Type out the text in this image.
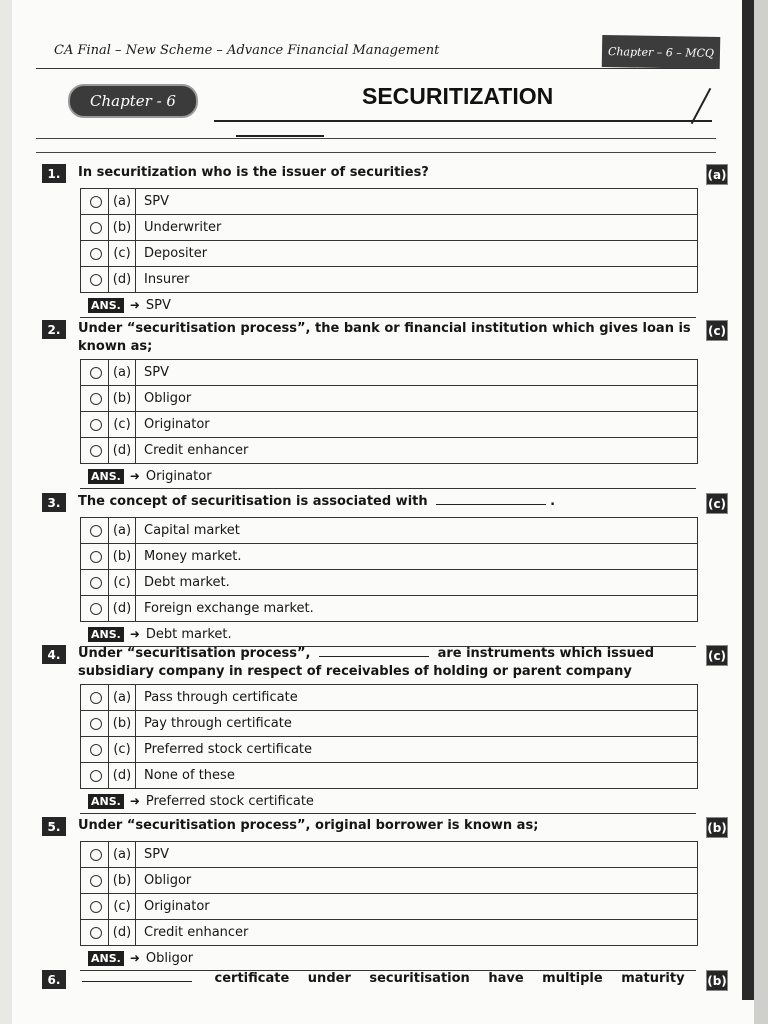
CA Final – New Scheme – Advance Financial Management	Chapter – 6 – MCQ
Chapter - 6	SECURITIZATION
1.	In securitization who is the issuer of securities?	(a)
(a) SPV
(b) Underwriter
(c)	Depositer
(d) Insurer
ANS. ➜ SPV
2.	Under “securitisation process”, the bank or financial institution which gives loan is known as;
(c)
(a) SPV
(b) Obligor
(c)	Originator
(d) Credit enhancer
ANS. ➜ Originator
3.	The concept of securitisation is associated with	.	(c)
(a) Capital market
(b) Money market.
(c)	Debt market.
(d) Foreign exchange market.
ANS. ➜ Debt market.
4.	Under “securitisation process”,	are instruments which issued subsidiary company in respect of receivables of holding or parent company
(c)
(a) Pass through certificate
(b) Pay through certificate
(c)	Preferred stock certificate
(d) None of these
ANS. ➜ Preferred stock certificate
5.	Under “securitisation process”, original borrower is known as;	(b)
(a) SPV
(b) Obligor
(c)	Originator
(d) Credit enhancer
ANS. ➜ Obligor
6.	certificate under securitisation have multiple maturity	(b)
